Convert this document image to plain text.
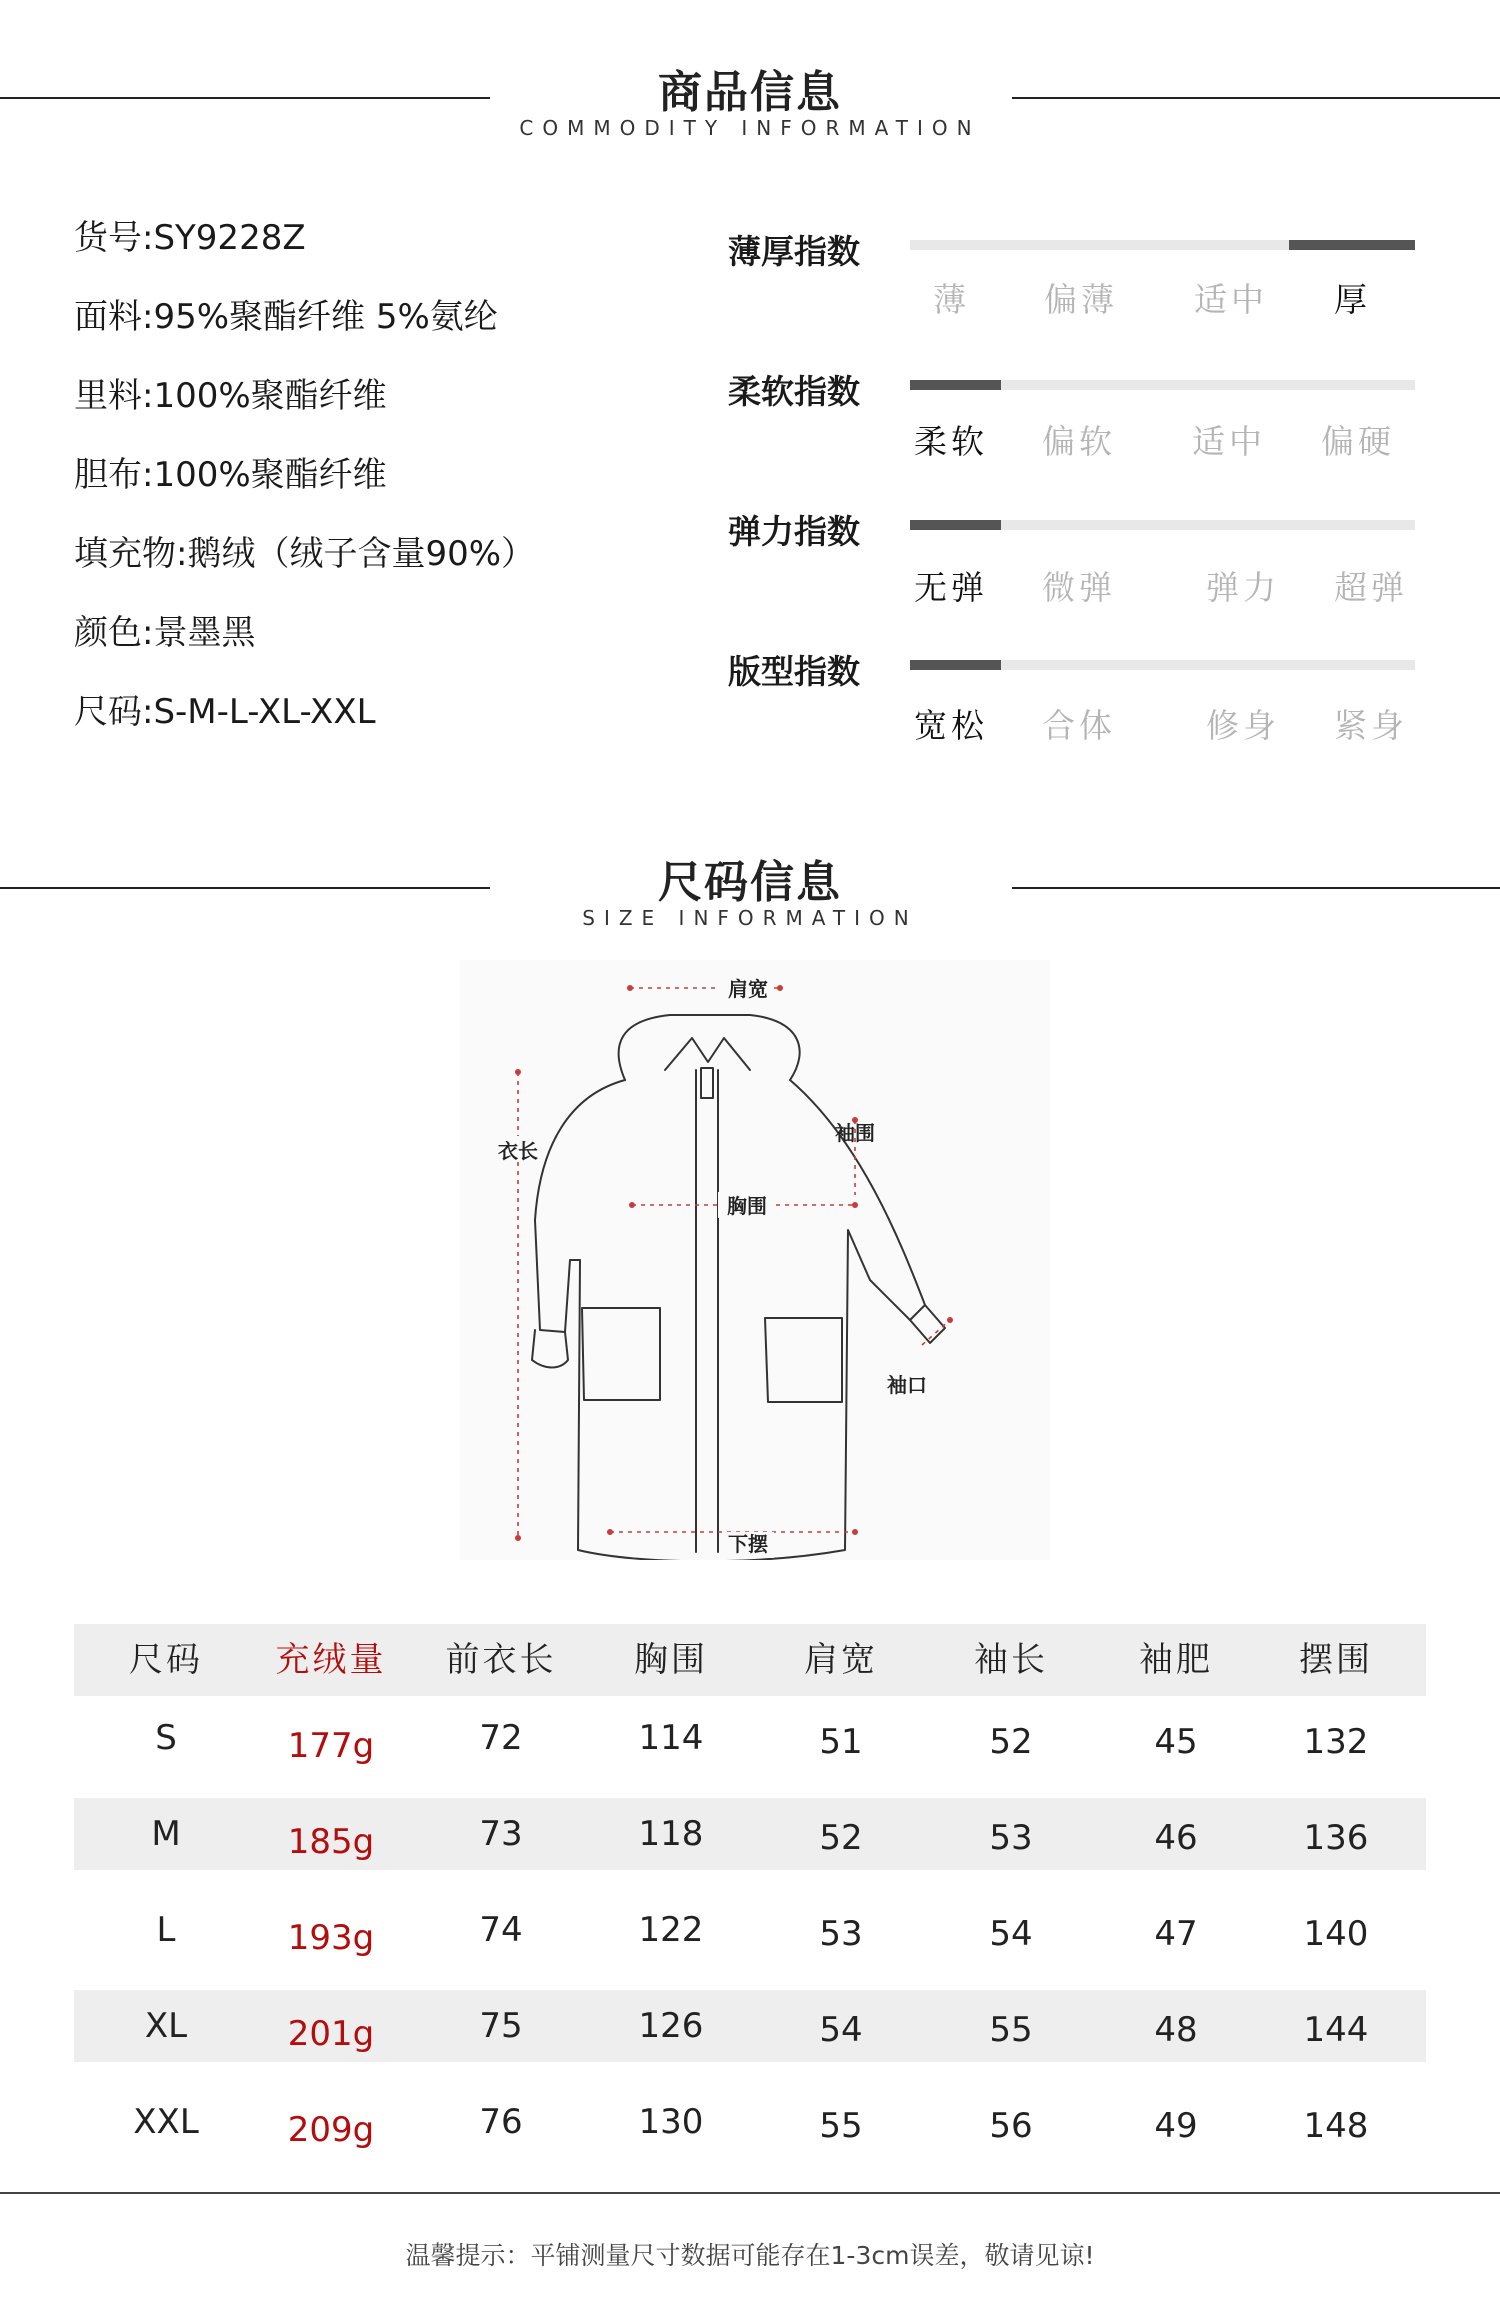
商品信息
COMMODITY INFORMATION
货号:SY9228Z
面料:95%聚酯纤维 5%氨纶
里料:100%聚酯纤维
胆布:100%聚酯纤维
填充物:鹅绒（绒子含量90%）
颜色:景墨黑
尺码:S-M-L-XL-XXL
薄厚指数
薄 偏薄 适中 厚
柔软指数
柔软 偏软 适中 偏硬
弹力指数
无弹 微弹	弹力 超弹
版型指数
宽松 合体	修身 紧身
尺码信息
SIZE INFORMATION
肩宽
衣长
袖围
胸围
袖口
下摆
尺码	充绒量	前衣长	胸围	肩宽	袖长	袖肥	摆围
S	177g	72	114	51	52	45	132
M	185g	73	118	52	53	46	136
L	193g	74	122	53	54	47	140
XL	201g	75	126	54	55	48	144
XXL	209g	76	130	55	56	49	148
温馨提示：平铺测量尺寸数据可能存在1-3cm误差，敬请见谅!
